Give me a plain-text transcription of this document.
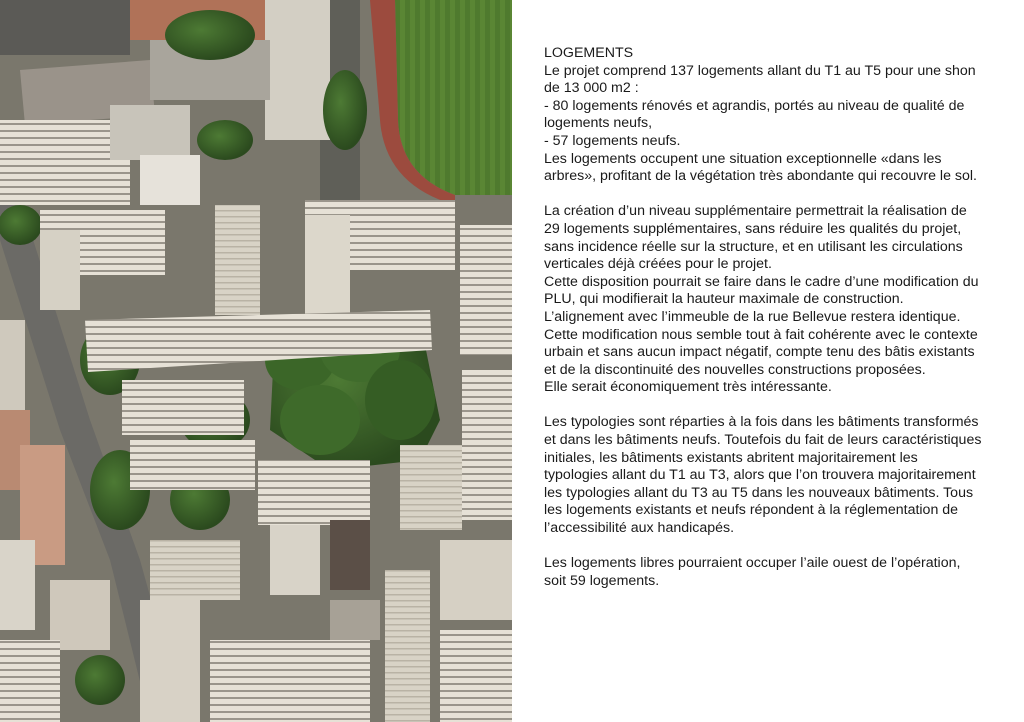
LOGEMENTS
Le projet comprend 137 logements allant du T1 au T5 pour une shon de 13 000 m2 :
- 80 logements rénovés et agrandis, portés au niveau de qualité de logements neufs,
- 57 logements neufs.
Les logements occupent une situation exceptionnelle «dans les arbres», profitant de la végétation très abondante qui recouvre le sol.

La création d’un niveau supplémentaire permettrait la réalisation de 29 logements supplémentaires, sans réduire les qualités du projet, sans incidence réelle sur la structure, et en utilisant les circulations verticales déjà créées pour le projet.
Cette disposition pourrait se faire dans le cadre d’une modification du PLU, qui modifierait la hauteur maximale de construction.
L’alignement avec l’immeuble de la rue Bellevue restera identique.
Cette modification nous semble tout à fait cohérente avec le contexte urbain et sans aucun impact négatif, compte tenu des bâtis existants et de la discontinuité des nouvelles constructions proposées.
Elle serait économiquement très intéressante.

Les typologies sont réparties à la fois dans les bâtiments transformés et dans les bâtiments neufs. Toutefois du fait de leurs caractéristiques initiales, les bâtiments existants abritent majoritairement les typologies allant du T1 au T3, alors que l’on trouvera majoritairement les typologies allant du T3 au T5 dans les nouveaux bâtiments. Tous les logements existants et neufs répondent à la réglementation de l’accessibilité aux handicapés.

Les logements libres pourraient occuper l’aile ouest de l’opération, soit 59 logements.
